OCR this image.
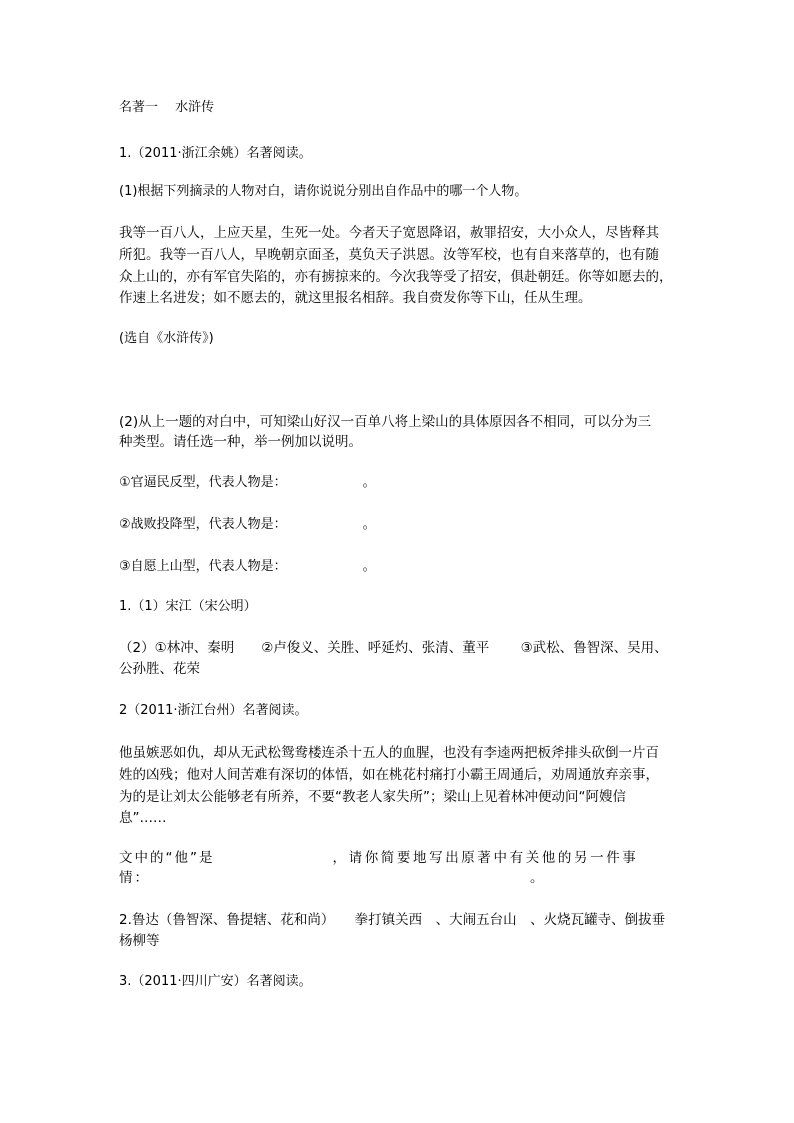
名著一　 水浒传
1.（2011·浙江余姚）名著阅读。
(1)根据下列摘录的人物对白，请你说说分别出自作品中的哪一个人物。
我等一百八人，上应天星，生死一处。今者天子宽恩降诏，赦罪招安，大小众人，尽皆释其
所犯。我等一百八人，早晚朝京面圣，莫负天子洪恩。汝等军校，也有自来落草的，也有随
众上山的，亦有军官失陷的，亦有掳掠来的。今次我等受了招安，俱赴朝廷。你等如愿去的，
作速上名进发；如不愿去的，就这里报名相辞。我自赍发你等下山，任从生理。
(选自《水浒传》)
(2)从上一题的对白中，可知梁山好汉一百单八将上梁山的具体原因各不相同，可以分为三
种类型。请任选一种，举一例加以说明。
①官逼民反型，代表人物是：	。
②战败投降型，代表人物是：	。
③自愿上山型，代表人物是：	。
1.（1）宋江（宋公明）
（2）①林冲、秦明　　②卢俊义、关胜、呼延灼、张清、董平　　 ③武松、鲁智深、吴用、
公孙胜、花荣
2（2011·浙江台州）名著阅读。
他虽嫉恶如仇，却从无武松鸳鸯楼连杀十五人的血腥，也没有李逵两把板斧排头砍倒一片百
姓的凶残；他对人间苦难有深切的体悟，如在桃花村痛打小霸王周通后，劝周通放弃亲事，
为的是让刘太公能够老有所养，不要“教老人家失所”；梁山上见着林冲便动问“阿嫂信
息”……
文中的“他”是	，请你简要地写出原著中有关他的另一件事
情：	。
2.鲁达（鲁智深、鲁提辖、花和尚）　　拳打镇关西　、大闹五台山　、火烧瓦罐寺、倒拔垂
杨柳等
3.（2011·四川广安）名著阅读。
